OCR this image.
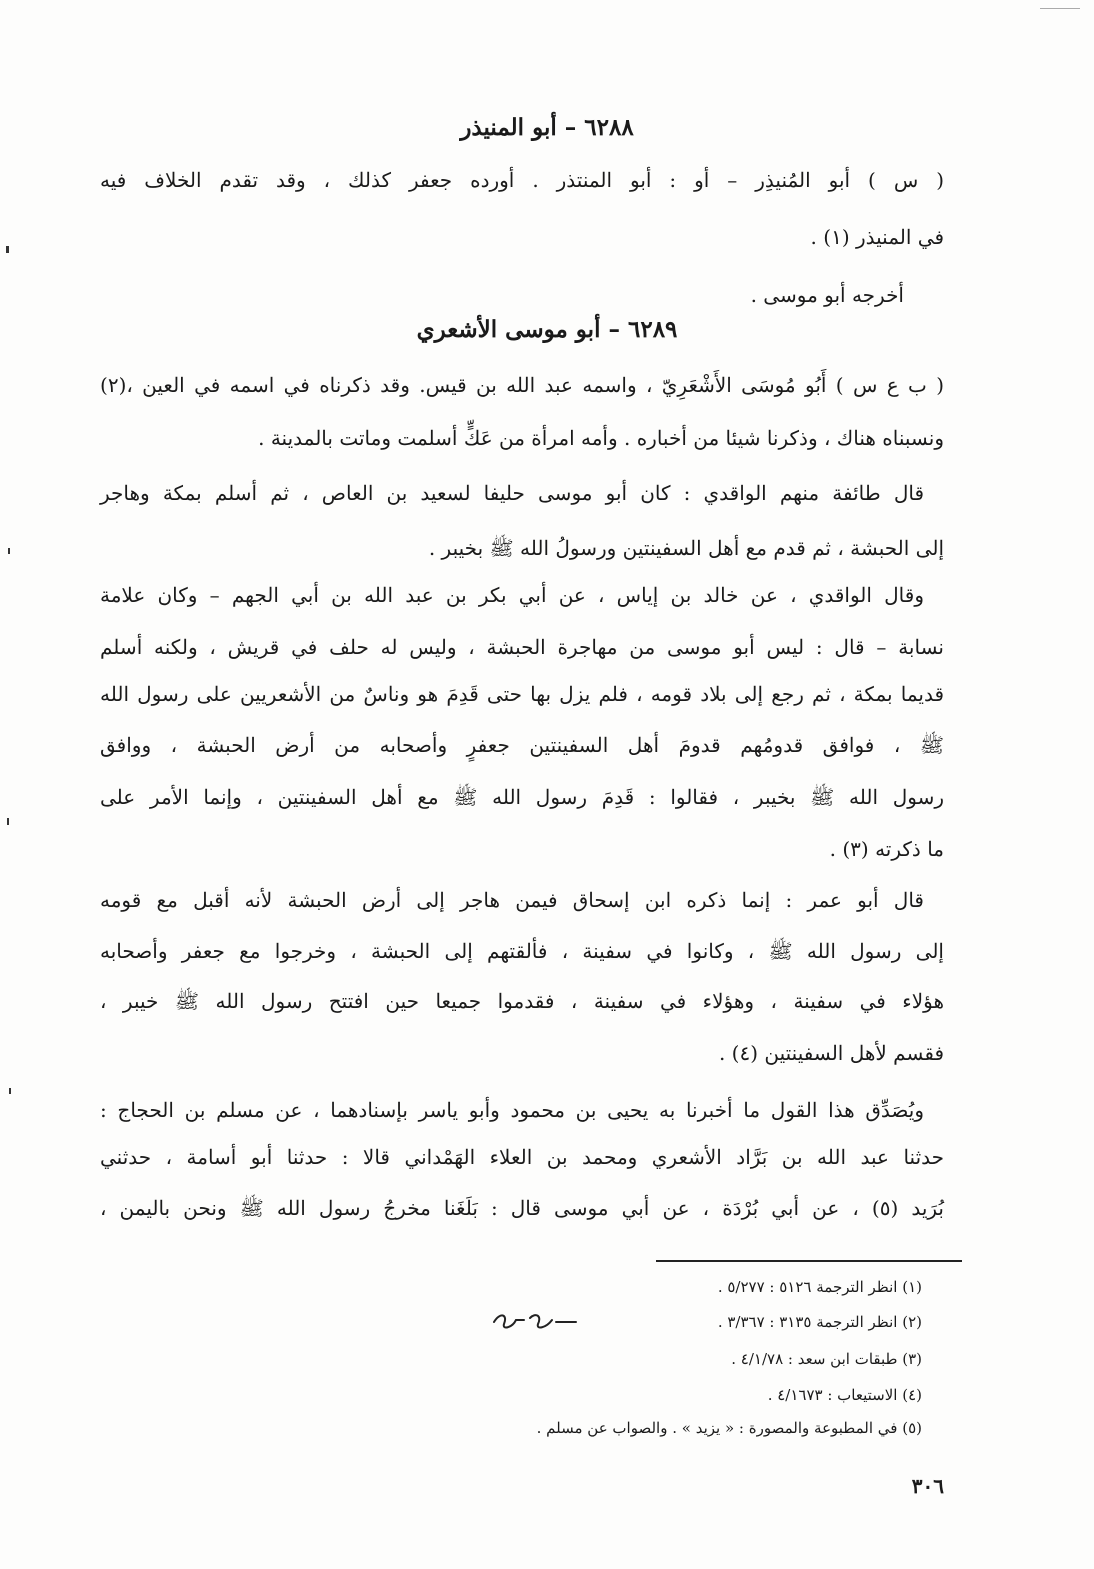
٦٢٨٨ – أبو المنيذر
( س ) أبو المُنيذِر – أو : أبو المنتذر . أورده جعفر كذلك ، وقد تقدم الخلاف فيه
في المنيذر (١) .
أخرجه أبو موسى .
٦٢٨٩ – أبو موسى الأشعري
( ب ع س ) أَبُو مُوسَى الأَشْعَرِيّ ، واسمه عبد الله بن قيس. وقد ذكرناه في اسمه في العين ،(٢)
ونسبناه هناك ، وذكرنا شيئا من أخباره . وأمه امرأة من عَكٍّ أسلمت وماتت بالمدينة .
قال طائفة منهم الواقدي : كان أبو موسى حليفا لسعيد بن العاص ، ثم أسلم بمكة وهاجر
إلى الحبشة ، ثم قدم مع أهل السفينتين ورسولُ الله ﷺ بخيبر .
وقال الواقدي ، عن خالد بن إياس ، عن أبي بكر بن عبد الله بن أبي الجهم – وكان علامة
نسابة – قال : ليس أبو موسى من مهاجرة الحبشة ، وليس له حلف في قريش ، ولكنه أسلم
قديما بمكة ، ثم رجع إلى بلاد قومه ، فلم يزل بها حتى قَدِمَ هو وناسٌ من الأشعريين على رسول الله
ﷺ ، فوافق قدومُهم قدومَ أهل السفينتين جعفرٍ وأصحابه من أرض الحبشة ، ووافق
رسول الله ﷺ بخيبر ، فقالوا : قَدِمَ رسول الله ﷺ مع أهل السفينتين ، وإنما الأمر على
ما ذكرته (٣) .
قال أبو عمر : إنما ذكره ابن إسحاق فيمن هاجر إلى أرض الحبشة لأنه أقبل مع قومه
إلى رسول الله ﷺ ، وكانوا في سفينة ، فألقتهم إلى الحبشة ، وخرجوا مع جعفر وأصحابه
هؤلاء في سفينة ، وهؤلاء في سفينة ، فقدموا جميعا حين افتتح رسول الله ﷺ خيبر ،
فقسم لأهل السفينتين (٤) .
ويُصَدِّق هذا القول ما أخبرنا به يحيى بن محمود وأبو ياسر بإسنادهما ، عن مسلم بن الحجاج :
حدثنا عبد الله بن بَرَّاد الأشعري ومحمد بن العلاء الهَمْداني قالا : حدثنا أبو أسامة ، حدثني
بُرَيد (٥) ، عن أبي بُرْدَة ، عن أبي موسى قال : بَلَغَنا مخرجُ رسول الله ﷺ ونحن باليمن ،
(١) انظر الترجمة ٥١٢٦ : ٥/٢٧٧ .
(٢) انظر الترجمة ٣١٣٥ : ٣/٣٦٧ .
(٣) طبقات ابن سعد : ٤/١/٧٨ .
(٤) الاستيعاب : ٤/١٦٧٣ .
(٥) في المطبوعة والمصورة : « يزيد » . والصواب عن مسلم .
٣٠٦
